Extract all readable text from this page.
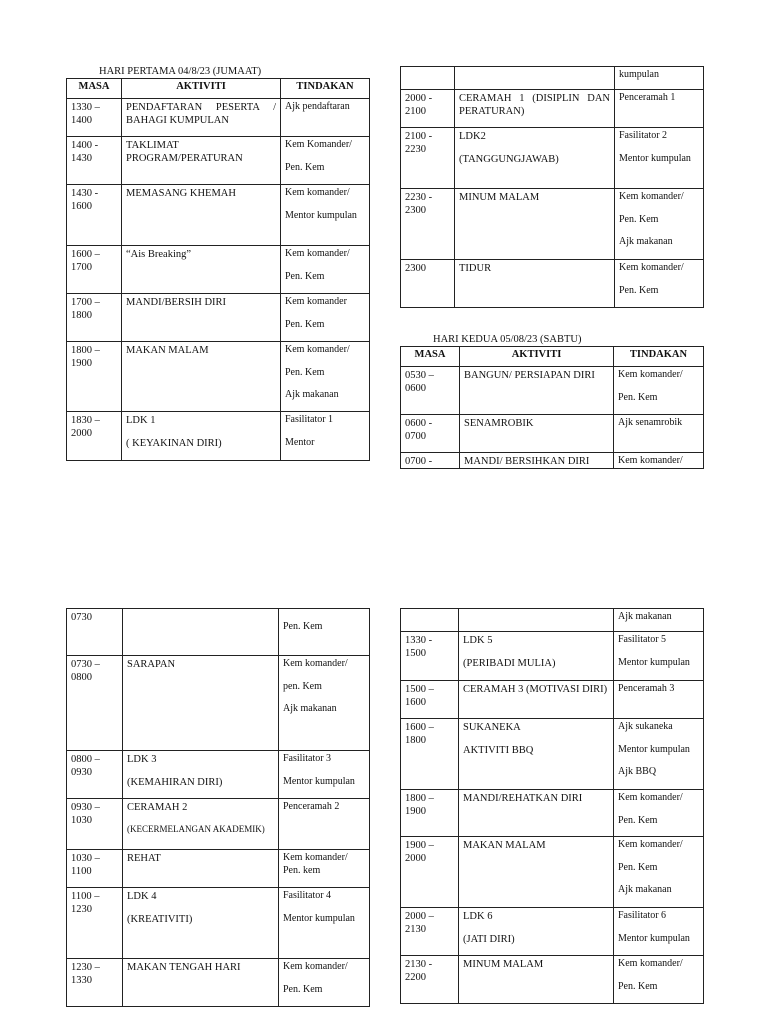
HARI PERTAMA 04/8/23 (JUMAAT)
MASA	AKTIVITI	TINDAKAN

1330 –
1400	PENDAFTARAN PESERTA / BAHAGI KUMPULAN	Ajk pendaftaran

1400 -
1430	TAKLIMAT PROGRAM/PERATURAN	Kem Komander/
Pen. Kem

1430 -
1600	MEMASANG KHEMAH	Kem komander/
Mentor kumpulan

1600 –
1700	“Ais Breaking”	Kem komander/
Pen. Kem

1700 –
1800	MANDI/BERSIH DIRI	Kem komander
Pen. Kem

1800 –
1900	MAKAN MALAM	Kem komander/
Pen. Kem
Ajk makanan

1830 –
2000	LDK 1
( KEYAKINAN DIRI)	Fasilitator 1
Mentor

		kumpulan

2000 -
2100	CERAMAH 1 (DISIPLIN DAN PERATURAN)	Penceramah 1

2100 -
2230	LDK2
(TANGGUNGJAWAB)	Fasilitator 2
Mentor kumpulan

2230 -
2300	MINUM MALAM	Kem komander/
Pen. Kem
Ajk makanan

2300	TIDUR	Kem komander/
Pen. Kem
HARI KEDUA 05/08/23 (SABTU)
MASA	AKTIVITI	TINDAKAN

0530 –
0600	BANGUN/ PERSIAPAN DIRI	Kem komander/
Pen. Kem

0600 -
0700	SENAMROBIK	Ajk senamrobik

0700 -	MANDI/ BERSIHKAN DIRI	Kem komander/
0730		Pen. Kem

0730 –
0800	SARAPAN	Kem komander/
pen. Kem
Ajk makanan

0800 –
0930	LDK 3
(KEMAHIRAN DIRI)	Fasilitator 3
Mentor kumpulan

0930 –
1030	CERAMAH 2
(KECERMELANGAN AKADEMIK)	Penceramah 2

1030 –
1100	REHAT	Kem komander/ Pen. kem

1100 –
1230	LDK 4
(KREATIVITI)	Fasilitator 4
Mentor kumpulan

1230 –
1330	MAKAN TENGAH HARI	Kem komander/
Pen. Kem

		Ajk makanan

1330 -
1500	LDK 5
(PERIBADI MULIA)	Fasilitator 5
Mentor kumpulan

1500 –
1600	CERAMAH 3 (MOTIVASI DIRI)	Penceramah 3

1600 –
1800	SUKANEKA
AKTIVITI BBQ	Ajk sukaneka
Mentor kumpulan
Ajk BBQ

1800 –
1900	MANDI/REHATKAN DIRI	Kem komander/
Pen. Kem

1900 –
2000	MAKAN MALAM	Kem komander/
Pen. Kem
Ajk makanan

2000 –
2130	LDK 6
(JATI DIRI)	Fasilitator 6
Mentor kumpulan

2130 -
2200	MINUM MALAM	Kem komander/
Pen. Kem
